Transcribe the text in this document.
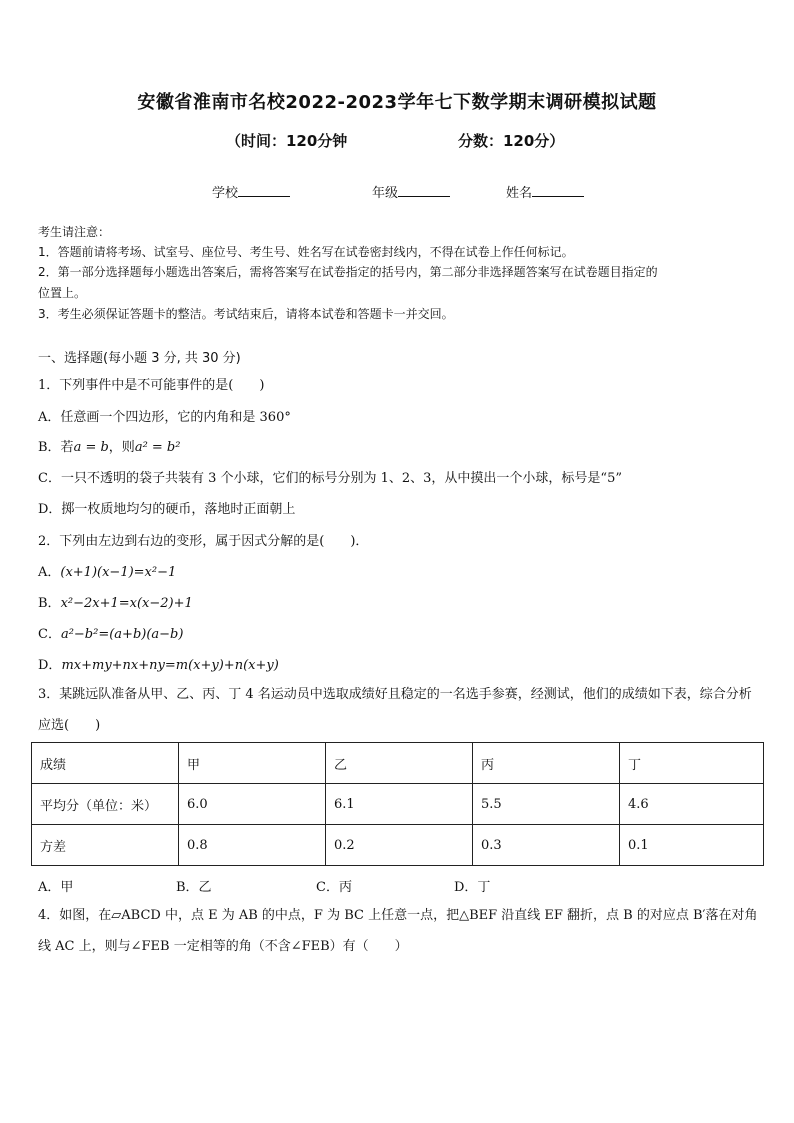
安徽省淮南市名校2022-2023学年七下数学期末调研模拟试题
（时间：120分钟	分数：120分）
学校	年级	姓名
考生请注意：
1．答题前请将考场、试室号、座位号、考生号、姓名写在试卷密封线内，不得在试卷上作任何标记。
2．第一部分选择题每小题选出答案后，需将答案写在试卷指定的括号内，第二部分非选择题答案写在试卷题目指定的
位置上。
3．考生必须保证答题卡的整洁。考试结束后，请将本试卷和答题卡一并交回。
一、选择题(每小题 3 分, 共 30 分)
1．下列事件中是不可能事件的是(　　)
A．任意画一个四边形，它的内角和是 360°
B．若a = b，则a² = b²
C．一只不透明的袋子共装有 3 个小球，它们的标号分别为 1、2、3，从中摸出一个小球，标号是“5”
D．掷一枚质地均匀的硬币，落地时正面朝上
2．下列由左边到右边的变形，属于因式分解的是(　　)．
A．(x+1)(x−1)=x²−1
B．x²−2x+1=x(x−2)+1
C．a²−b²=(a+b)(a−b)
D．mx+my+nx+ny=m(x+y)+n(x+y)
3．某跳远队准备从甲、乙、丙、丁 4 名运动员中选取成绩好且稳定的一名选手参赛，经测试，他们的成绩如下表，综合分析应选(　　)
成绩	甲	乙	丙	丁
平均分（单位：米）	6.0	6.1	5.5	4.6
方差	0.8	0.2	0.3	0.1
A．甲	B．乙	C．丙	D．丁
4．如图，在▱ABCD 中，点 E 为 AB 的中点，F 为 BC 上任意一点，把△BEF 沿直线 EF 翻折，点 B 的对应点 B′落在对角线 AC 上，则与∠FEB 一定相等的角（不含∠FEB）有（　　）
